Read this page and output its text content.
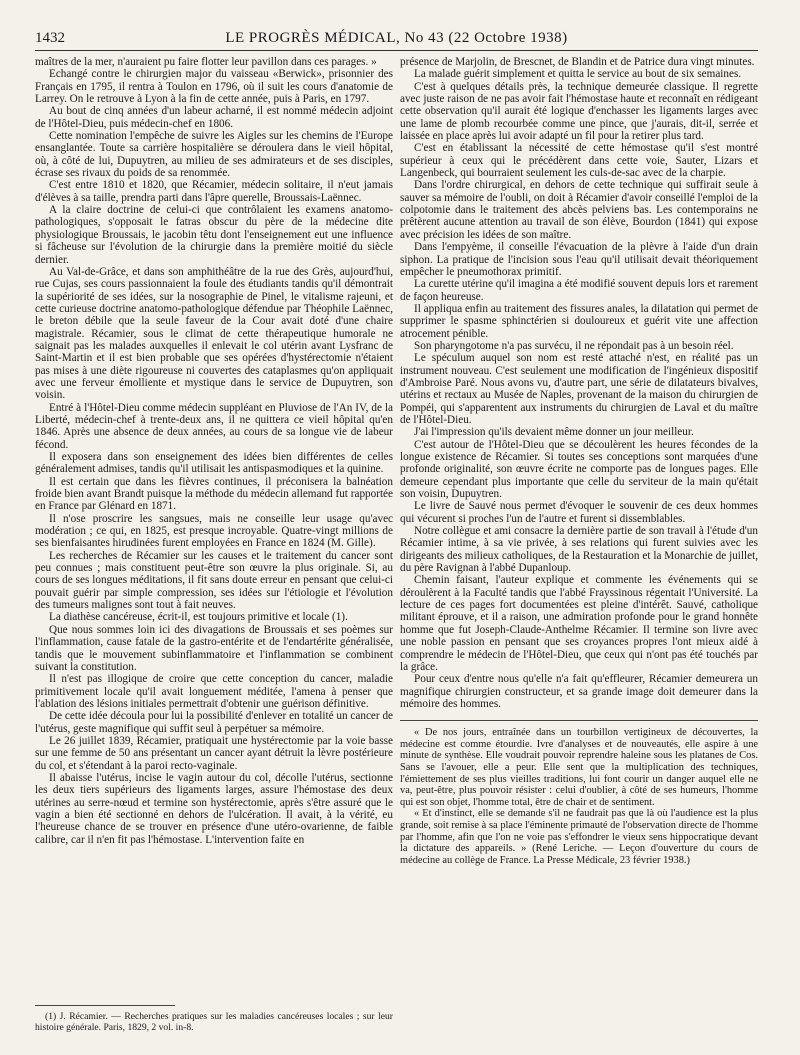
1432	LE PROGRÈS MÉDICAL, No 43 (22 Octobre 1938)

maîtres de la mer, n'auraient pu faire flotter leur pavillon dans ces parages. »

Echangé contre le chirurgien major du vaisseau «Berwick», prisonnier des Français en 1795, il rentra à Toulon en 1796, où il suit les cours d'anatomie de Larrey. On le retrouve à Lyon à la fin de cette année, puis à Paris, en 1797.

Au bout de cinq années d'un labeur acharné, il est nommé médecin adjoint de l'Hôtel-Dieu, puis médecin-chef en 1806.

Cette nomination l'empêche de suivre les Aigles sur les chemins de l'Europe ensanglantée. Toute sa carrière hospitalière se déroulera dans le vieil hôpital, où, à côté de lui, Dupuytren, au milieu de ses admirateurs et de ses disciples, écrase ses rivaux du poids de sa renommée.

C'est entre 1810 et 1820, que Récamier, médecin solitaire, il n'eut jamais d'élèves à sa taille, prendra parti dans l'âpre querelle, Broussais-Laënnec.

A la claire doctrine de celui-ci que contrôlaient les examens anatomo-pathologiques, s'opposait le fatras obscur du père de la médecine dite physiologique Broussais, le jacobin têtu dont l'enseignement eut une influence si fâcheuse sur l'évolution de la chirurgie dans la première moitié du siècle dernier.

Au Val-de-Grâce, et dans son amphithéâtre de la rue des Grès, aujourd'hui, rue Cujas, ses cours passionnaient la foule des étudiants tandis qu'il démontrait la supériorité de ses idées, sur la nosographie de Pinel, le vitalisme rajeuni, et cette curieuse doctrine anatomo-pathologique défendue par Théophile Laënnec, le breton débile que la seule faveur de la Cour avait doté d'une chaire magistrale. Récamier, sous le climat de cette thérapeutique humorale ne saignait pas les malades auxquelles il enlevait le col utérin avant Lysfranc de Saint-Martin et il est bien probable que ses opérées d'hystérectomie n'étaient pas mises à une diète rigoureuse ni couvertes des cataplasmes qu'on appliquait avec une ferveur émolliente et mystique dans le service de Dupuytren, son voisin.

Entré à l'Hôtel-Dieu comme médecin suppléant en Pluviose de l'An IV, de la Liberté, médecin-chef à trente-deux ans, il ne quittera ce vieil hôpital qu'en 1846. Après une absence de deux années, au cours de sa longue vie de labeur fécond.

Il exposera dans son enseignement des idées bien différentes de celles généralement admises, tandis qu'il utilisait les antispasmodiques et la quinine.

Il est certain que dans les fièvres continues, il préconisera la balnéation froide bien avant Brandt puisque la méthode du médecin allemand fut rapportée en France par Glénard en 1871.

Il n'ose proscrire les sangsues, mais ne conseille leur usage qu'avec modération ; ce qui, en 1825, est presque incroyable. Quatre-vingt millions de ses bienfaisantes hirudinées furent employées en France en 1824 (M. Gille).

Les recherches de Récamier sur les causes et le traitement du cancer sont peu connues ; mais constituent peut-être son œuvre la plus originale. Si, au cours de ses longues méditations, il fit sans doute erreur en pensant que celui-ci pouvait guérir par simple compression, ses idées sur l'étiologie et l'évolution des tumeurs malignes sont tout à fait neuves.

La diathèse cancéreuse, écrit-il, est toujours primitive et locale (1).

Que nous sommes loin ici des divagations de Broussais et ses poèmes sur l'inflammation, cause fatale de la gastro-entérite et de l'endartérite généralisée, tandis que le mouvement subinflammatoire et l'inflammation se combinent suivant la constitution.

Il n'est pas illogique de croire que cette conception du cancer, maladie primitivement locale qu'il avait longuement méditée, l'amena à penser que l'ablation des lésions initiales permettrait d'obtenir une guérison définitive.

De cette idée découla pour lui la possibilité d'enlever en totalité un cancer de l'utérus, geste magnifique qui suffit seul à perpétuer sa mémoire.

Le 26 juillet 1839, Récamier, pratiquait une hystérectomie par la voie basse sur une femme de 50 ans présentant un cancer ayant détruit la lèvre postérieure du col, et s'étendant à la paroi recto-vaginale.

Il abaisse l'utérus, incise le vagin autour du col, décolle l'utérus, sectionne les deux tiers supérieurs des ligaments larges, assure l'hémostase des deux utérines au serre-nœud et termine son hystérectomie, après s'être assuré que le vagin a bien été sectionné en dehors de l'ulcération. Il avait, à la vérité, eu l'heureuse chance de se trouver en présence d'une utéro-ovarienne, de faible calibre, car il n'en fit pas l'hémostase. L'intervention faite en

présence de Marjolin, de Brescnet, de Blandin et de Patrice dura vingt minutes.

La malade guérit simplement et quitta le service au bout de six semaines.

C'est à quelques détails près, la technique demeurée classique. Il regrette avec juste raison de ne pas avoir fait l'hémostase haute et reconnaît en rédigeant cette observation qu'il aurait été logique d'enchasser les ligaments larges avec une lame de plomb recourbée comme une pince, que j'aurais, dit-il, serrée et laissée en place après lui avoir adapté un fil pour la retirer plus tard.

C'est en établissant la nécessité de cette hémostase qu'il s'est montré supérieur à ceux qui le précédèrent dans cette voie, Sauter, Lizars et Langenbeck, qui bourraient seulement les culs-de-sac avec de la charpie.

Dans l'ordre chirurgical, en dehors de cette technique qui suffirait seule à sauver sa mémoire de l'oubli, on doit à Récamier d'avoir conseillé l'emploi de la colpotomie dans le traitement des abcès pelviens bas. Les contemporains ne prêtèrent aucune attention au travail de son élève, Bourdon (1841) qui expose avec précision les idées de son maître.

Dans l'empyème, il conseille l'évacuation de la plèvre à l'aide d'un drain siphon. La pratique de l'incision sous l'eau qu'il utilisait devait théoriquement empêcher le pneumothorax primitif.

La curette utérine qu'il imagina a été modifié souvent depuis lors et rarement de façon heureuse.

Il appliqua enfin au traitement des fissures anales, la dilatation qui permet de supprimer le spasme sphinctérien si douloureux et guérit vite une affection atrocement pénible.

Son pharyngotome n'a pas survécu, il ne répondait pas à un besoin réel.

Le spéculum auquel son nom est resté attaché n'est, en réalité pas un instrument nouveau. C'est seulement une modification de l'ingénieux dispositif d'Ambroise Paré. Nous avons vu, d'autre part, une série de dilatateurs bivalves, utérins et rectaux au Musée de Naples, provenant de la maison du chirurgien de Pompéi, qui s'apparentent aux instruments du chirurgien de Laval et du maître de l'Hôtel-Dieu.

J'ai l'impression qu'ils devaient même donner un jour meilleur.

C'est autour de l'Hôtel-Dieu que se découlèrent les heures fécondes de la longue existence de Récamier. Si toutes ses conceptions sont marquées d'une profonde originalité, son œuvre écrite ne comporte pas de longues pages. Elle demeure cependant plus importante que celle du serviteur de la main qu'était son voisin, Dupuytren.

Le livre de Sauvé nous permet d'évoquer le souvenir de ces deux hommes qui vécurent si proches l'un de l'autre et furent si dissemblables.

Notre collègue et ami consacre la dernière partie de son travail à l'étude d'un Récamier intime, à sa vie privée, à ses relations qui furent suivies avec les dirigeants des milieux catholiques, de la Restauration et la Monarchie de juillet, du père Ravignan à l'abbé Dupanloup.

Chemin faisant, l'auteur explique et commente les événements qui se déroulèrent à la Faculté tandis que l'abbé Frayssinous régentait l'Université. La lecture de ces pages fort documentées est pleine d'intérêt. Sauvé, catholique militant éprouve, et il a raison, une admiration profonde pour le grand honnête homme que fut Joseph-Claude-Anthelme Récamier. Il termine son livre avec une noble passion en pensant que ses croyances propres l'ont mieux aidé à comprendre le médecin de l'Hôtel-Dieu, que ceux qui n'ont pas été touchés par la grâce.

Pour ceux d'entre nous qu'elle n'a fait qu'effleurer, Récamier demeurera un magnifique chirurgien constructeur, et sa grande image doit demeurer dans la mémoire des hommes.

« De nos jours, entraînée dans un tourbillon vertigineux de découvertes, la médecine est comme étourdie. Ivre d'analyses et de nouveautés, elle aspire à une minute de synthèse. Elle voudrait pouvoir reprendre haleine sous les platanes de Cos. Sans se l'avouer, elle a peur. Elle sent que la multiplication des techniques, l'émiettement de ses plus vieilles traditions, lui font courir un danger auquel elle ne va, peut-être, plus pouvoir résister : celui d'oublier, à côté de ses humeurs, l'homme qui est son objet, l'homme total, être de chair et de sentiment.

« Et d'instinct, elle se demande s'il ne faudrait pas que là où l'audience est la plus grande, soit remise à sa place l'éminente primauté de l'observation directe de l'homme par l'homme, afin que l'on ne voie pas s'effondrer le vieux sens hippocratique devant la dictature des appareils. » (René Leriche. — Leçon d'ouverture du cours de médecine au collège de France. La Presse Médicale, 23 février 1938.)

(1) J. Récamier. — Recherches pratiques sur les maladies cancéreuses locales ; sur leur histoire générale. Paris, 1829, 2 vol. in-8.
